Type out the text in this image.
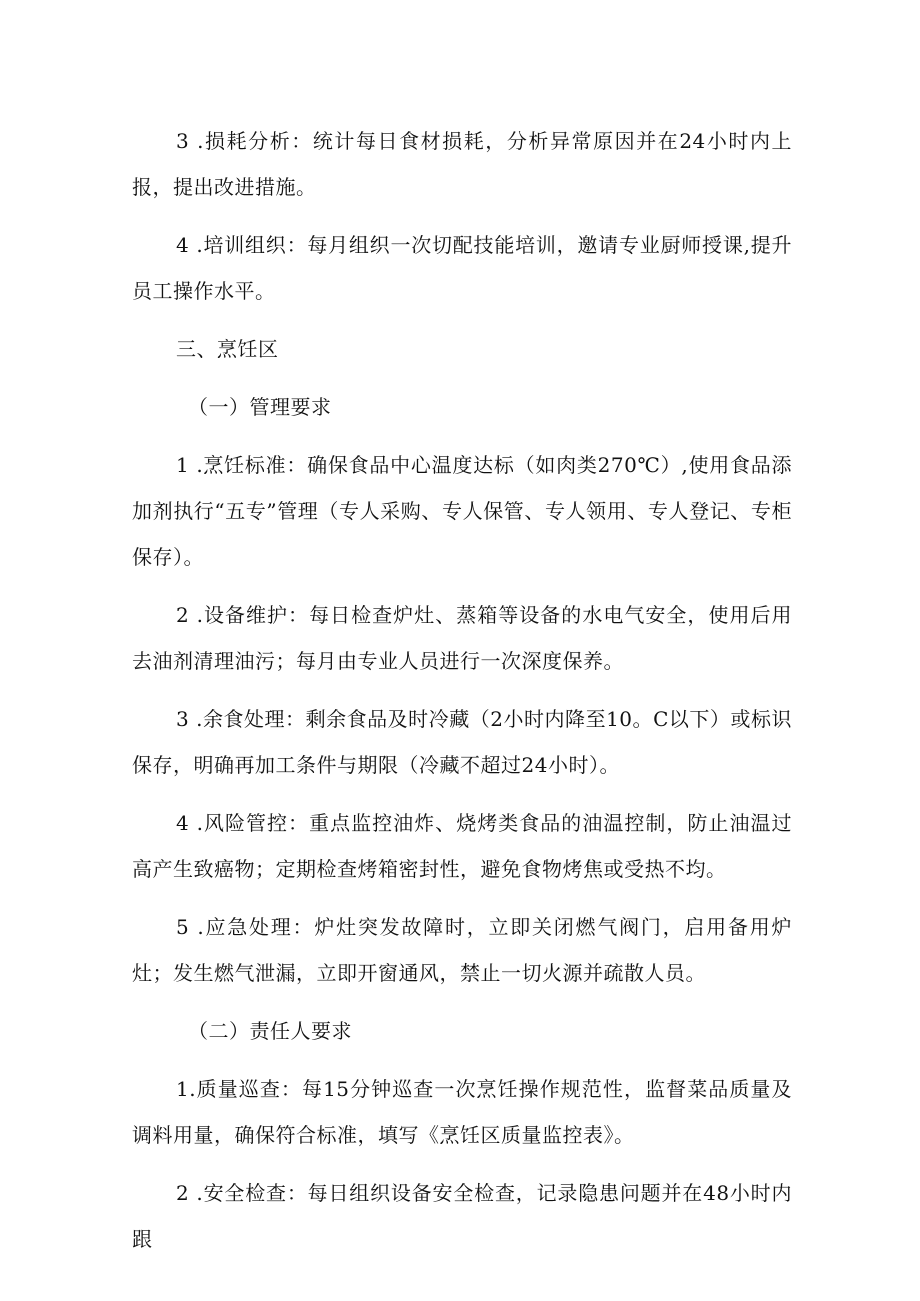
3 .损耗分析：统计每日食材损耗，分析异常原因并在24小时内上报，提出改进措施。

4 .培训组织：每月组织一次切配技能培训，邀请专业厨师授课,提升员工操作水平。

三、烹饪区

（一）管理要求

1 .烹饪标准：确保食品中心温度达标（如肉类270℃）,使用食品添加剂执行“五专”管理（专人采购、专人保管、专人领用、专人登记、专柜保存）。

2 .设备维护：每日检查炉灶、蒸箱等设备的水电气安全，使用后用去油剂清理油污；每月由专业人员进行一次深度保养。

3 .余食处理：剩余食品及时冷藏（2小时内降至10。C以下）或标识保存，明确再加工条件与期限（冷藏不超过24小时）。

4 .风险管控：重点监控油炸、烧烤类食品的油温控制，防止油温过高产生致癌物；定期检查烤箱密封性，避免食物烤焦或受热不均。

5 .应急处理：炉灶突发故障时，立即关闭燃气阀门，启用备用炉灶；发生燃气泄漏，立即开窗通风，禁止一切火源并疏散人员。

（二）责任人要求

1.质量巡查：每15分钟巡查一次烹饪操作规范性，监督菜品质量及调料用量，确保符合标准，填写《烹饪区质量监控表》。

2 .安全检查：每日组织设备安全检查，记录隐患问题并在48小时内跟
